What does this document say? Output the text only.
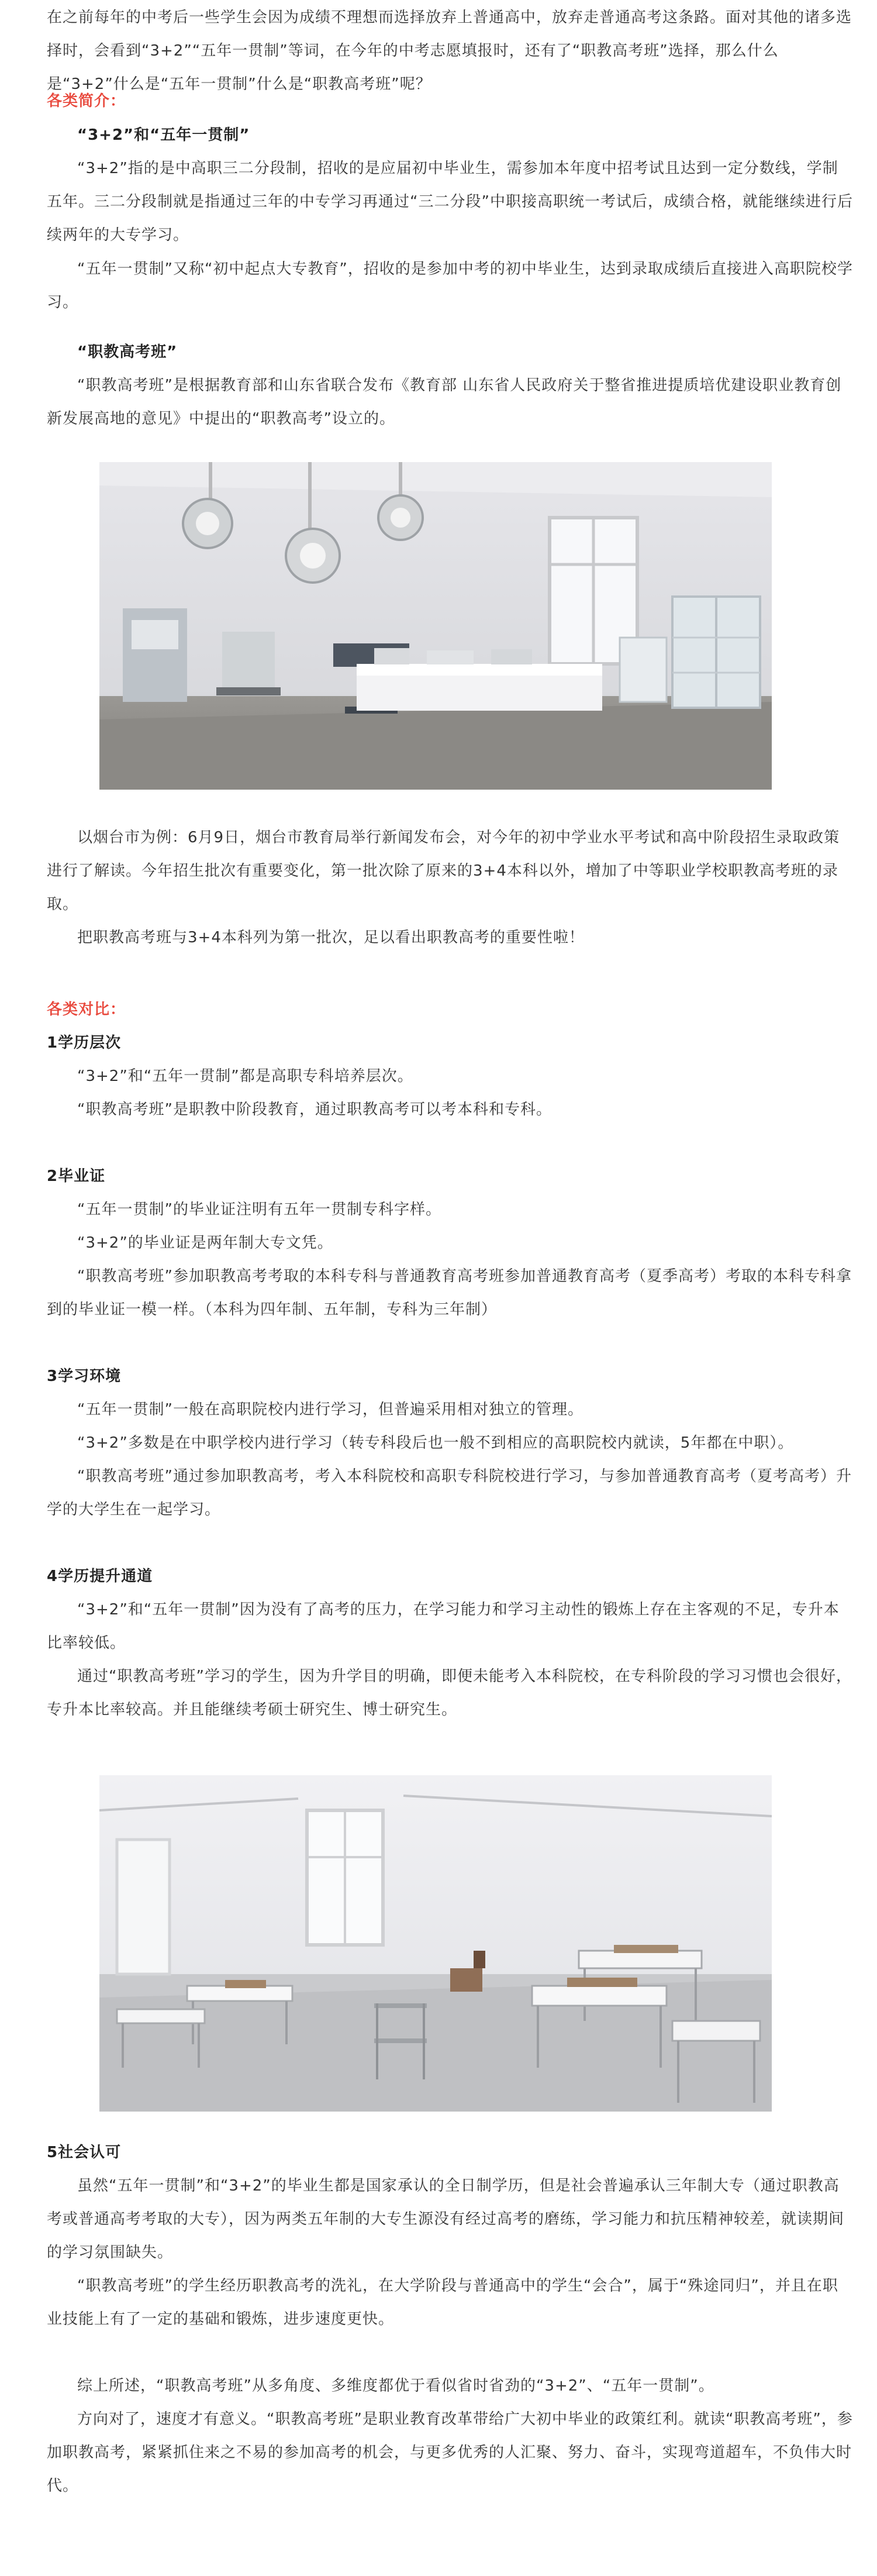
在之前每年的中考后一些学生会因为成绩不理想而选择放弃上普通高中，放弃走普通高考这条路。面对其他的诸多选择时，会看到“3+2”“五年一贯制”等词，在今年的中考志愿填报时，还有了“职教高考班”选择，那么什么是“3+2”什么是“五年一贯制”什么是“职教高考班”呢？

各类简介：

“3+2”和“五年一贯制”

“3+2”指的是中高职三二分段制，招收的是应届初中毕业生，需参加本年度中招考试且达到一定分数线，学制五年。三二分段制就是指通过三年的中专学习再通过“三二分段”中职接高职统一考试后，成绩合格，就能继续进行后续两年的大专学习。

“五年一贯制”又称“初中起点大专教育”，招收的是参加中考的初中毕业生，达到录取成绩后直接进入高职院校学习。

“职教高考班”

“职教高考班”是根据教育部和山东省联合发布《教育部 山东省人民政府关于整省推进提质培优建设职业教育创新发展高地的意见》中提出的“职教高考”设立的。

以烟台市为例：6月9日，烟台市教育局举行新闻发布会，对今年的初中学业水平考试和高中阶段招生录取政策进行了解读。今年招生批次有重要变化，第一批次除了原来的3+4本科以外，增加了中等职业学校职教高考班的录取。

把职教高考班与3+4本科列为第一批次，足以看出职教高考的重要性啦！

各类对比：

1学历层次

“3+2”和“五年一贯制”都是高职专科培养层次。

“职教高考班”是职教中阶段教育，通过职教高考可以考本科和专科。

2毕业证

“五年一贯制”的毕业证注明有五年一贯制专科字样。

“3+2”的毕业证是两年制大专文凭。

“职教高考班”参加职教高考考取的本科专科与普通教育高考班参加普通教育高考（夏季高考）考取的本科专科拿到的毕业证一模一样。（本科为四年制、五年制，专科为三年制）

3学习环境

“五年一贯制”一般在高职院校内进行学习，但普遍采用相对独立的管理。

“3+2”多数是在中职学校内进行学习（转专科段后也一般不到相应的高职院校内就读，5年都在中职）。

“职教高考班”通过参加职教高考，考入本科院校和高职专科院校进行学习，与参加普通教育高考（夏考高考）升学的大学生在一起学习。

4学历提升通道

“3+2”和“五年一贯制”因为没有了高考的压力，在学习能力和学习主动性的锻炼上存在主客观的不足，专升本比率较低。

通过“职教高考班”学习的学生，因为升学目的明确，即便未能考入本科院校，在专科阶段的学习习惯也会很好，专升本比率较高。并且能继续考硕士研究生、博士研究生。

5社会认可

虽然“五年一贯制”和“3+2”的毕业生都是国家承认的全日制学历，但是社会普遍承认三年制大专（通过职教高考或普通高考考取的大专），因为两类五年制的大专生源没有经过高考的磨练，学习能力和抗压精神较差，就读期间的学习氛围缺失。

“职教高考班”的学生经历职教高考的洗礼，在大学阶段与普通高中的学生“会合”，属于“殊途同归”，并且在职业技能上有了一定的基础和锻炼，进步速度更快。

综上所述，“职教高考班”从多角度、多维度都优于看似省时省劲的“3+2”、“五年一贯制”。

方向对了，速度才有意义。“职教高考班”是职业教育改革带给广大初中毕业的政策红利。就读“职教高考班”，参加职教高考，紧紧抓住来之不易的参加高考的机会，与更多优秀的人汇聚、努力、奋斗，实现弯道超车，不负伟大时代。
